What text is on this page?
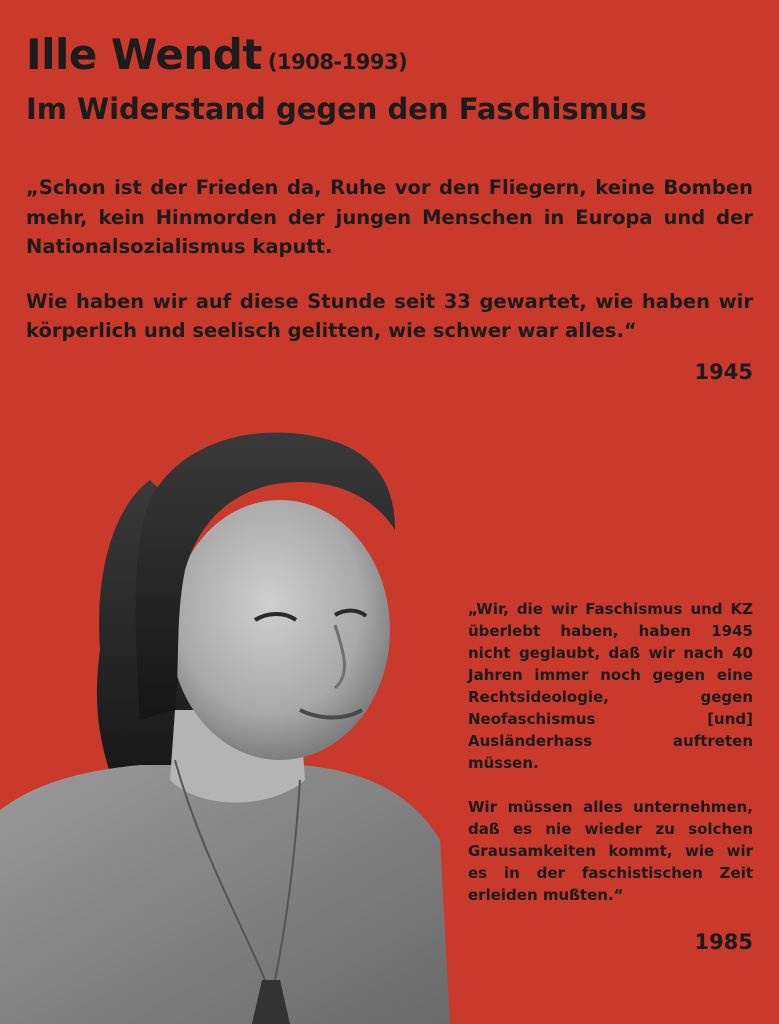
Ille Wendt (1908-1993)
Im Widerstand gegen den Faschismus

„Schon ist der Frieden da, Ruhe vor den Fliegern, keine Bomben mehr, kein Hinmorden der jungen Menschen in Europa und der Nationalsozialismus kaputt.

Wie haben wir auf diese Stunde seit 33 gewartet, wie haben wir körperlich und seelisch gelitten, wie schwer war alles.“

1945

„Wir, die wir Faschismus und KZ überlebt haben, haben 1945 nicht geglaubt, daß wir nach 40 Jahren immer noch gegen eine Rechtsideologie, gegen Neofaschismus [und] Ausländerhass auftreten müssen.

Wir müssen alles unternehmen, daß es nie wieder zu solchen Grausamkeiten kommt, wie wir es in der faschistischen Zeit erleiden mußten.“

1985
